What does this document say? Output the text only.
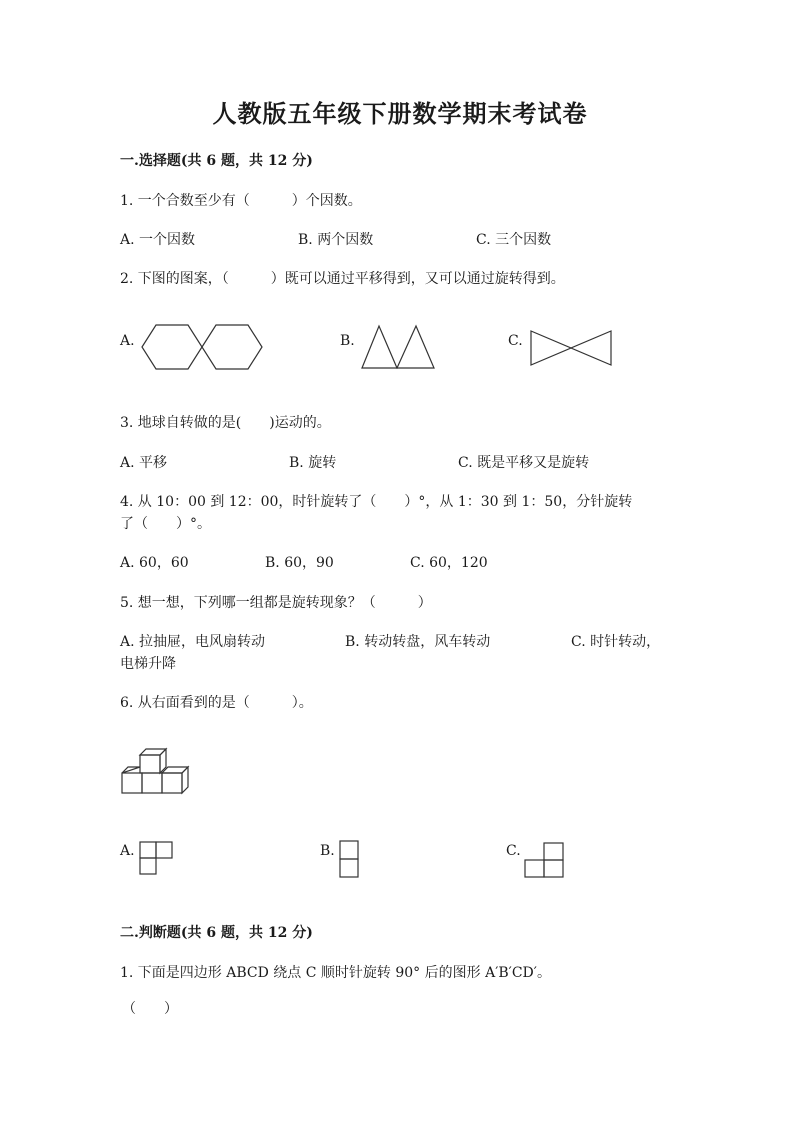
人教版五年级下册数学期末考试卷
一.选择题(共 6 题，共 12 分)
1. 一个合数至少有（　　　）个因数。
A. 一个因数	B. 两个因数	C. 三个因数
2. 下图的图案，（　　　）既可以通过平移得到，又可以通过旋转得到。
A.	B.	C.
3. 地球自转做的是(　　)运动的。
A. 平移	B. 旋转	C. 既是平移又是旋转
4. 从 10：00 到 12：00，时针旋转了（　　）°，从 1：30 到 1：50，分针旋转
了（　　）°。
A. 60，60	B. 60，90	C. 60，120
5. 想一想，下列哪一组都是旋转现象？（　　　）
A. 拉抽屉，电风扇转动	B. 转动转盘，风车转动	C. 时针转动，
电梯升降
6. 从右面看到的是（　　　）。
A.	B.	C.
二.判断题(共 6 题，共 12 分)
1. 下面是四边形 ABCD 绕点 C 顺时针旋转 90° 后的图形 A′B′CD′。
（　　）
